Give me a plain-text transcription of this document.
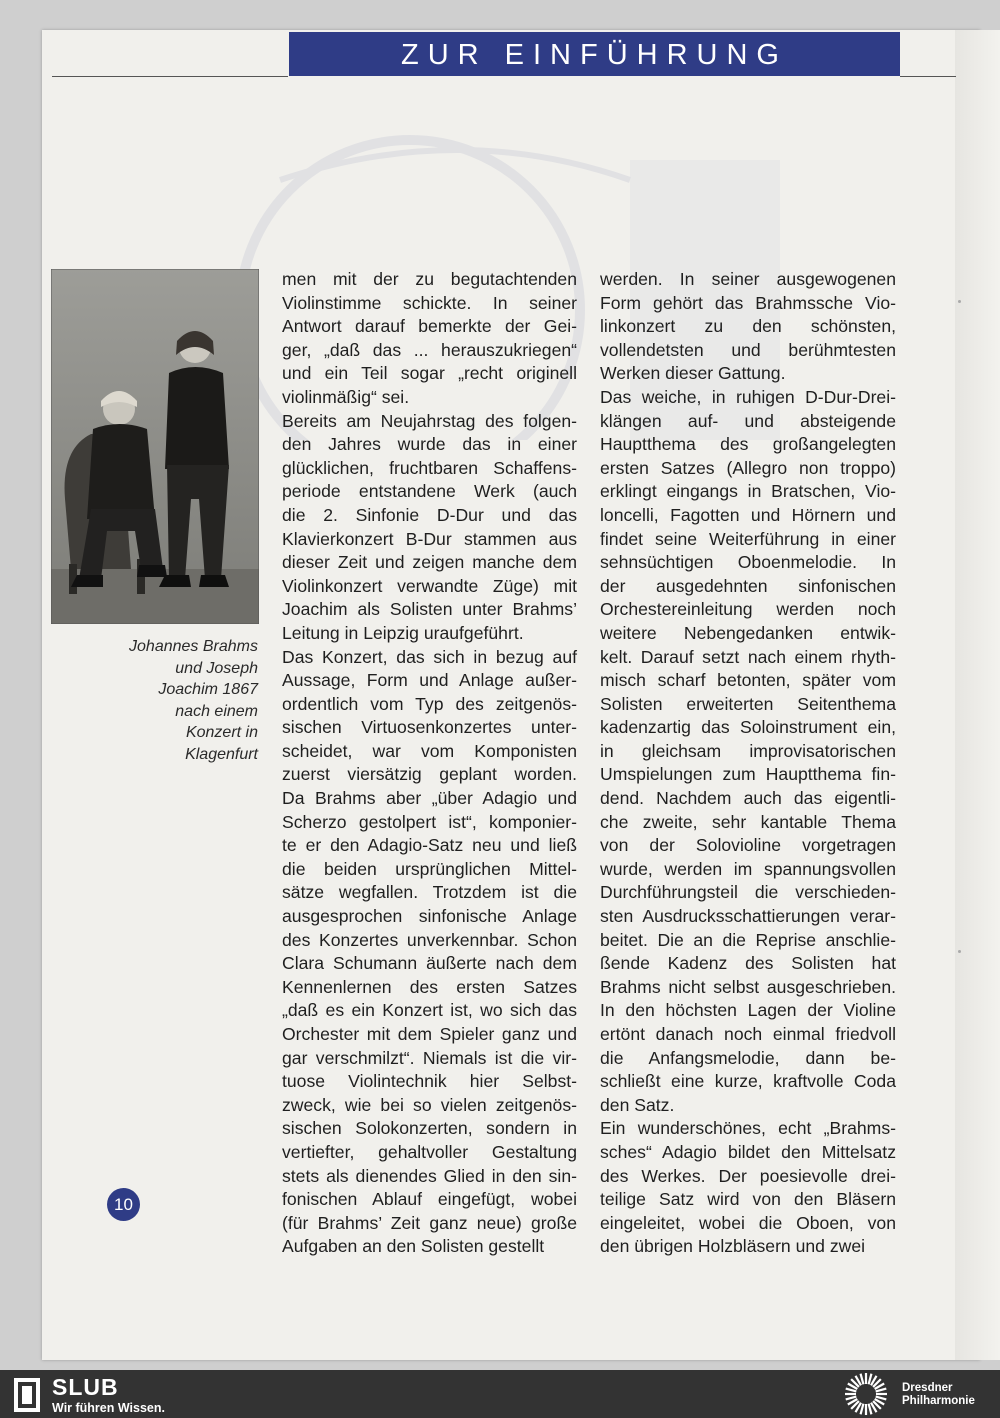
ZUR EINFÜHRUNG
Johannes Brahms
und Joseph
Joachim 1867
nach einem
Konzert in
Klagenfurt
men mit der zu begutachtenden
Violinstimme schickte. In seiner
Antwort darauf bemerkte der Gei-
ger, „daß das ... herauszukriegen“
und ein Teil sogar „recht originell
violinmäßig“ sei.
Bereits am Neujahrstag des folgen-
den Jahres wurde das in einer
glücklichen, fruchtbaren Schaffens-
periode entstandene Werk (auch
die 2. Sinfonie D-Dur und das
Klavierkonzert B-Dur stammen aus
dieser Zeit und zeigen manche dem
Violinkonzert verwandte Züge) mit
Joachim als Solisten unter Brahms’
Leitung in Leipzig uraufgeführt.
Das Konzert, das sich in bezug auf
Aussage, Form und Anlage außer-
ordentlich vom Typ des zeitgenös-
sischen Virtuosenkonzertes unter-
scheidet, war vom Komponisten
zuerst viersätzig geplant worden.
Da Brahms aber „über Adagio und
Scherzo gestolpert ist“, komponier-
te er den Adagio-Satz neu und ließ
die beiden ursprünglichen Mittel-
sätze wegfallen. Trotzdem ist die
ausgesprochen sinfonische Anlage
des Konzertes unverkennbar. Schon
Clara Schumann äußerte nach dem
Kennenlernen des ersten Satzes
„daß es ein Konzert ist, wo sich das
Orchester mit dem Spieler ganz und
gar verschmilzt“. Niemals ist die vir-
tuose Violintechnik hier Selbst-
zweck, wie bei so vielen zeitgenös-
sischen Solokonzerten, sondern in
vertiefter, gehaltvoller Gestaltung
stets als dienendes Glied in den sin-
fonischen Ablauf eingefügt, wobei
(für Brahms’ Zeit ganz neue) große
Aufgaben an den Solisten gestellt
werden. In seiner ausgewogenen
Form gehört das Brahmssche Vio-
linkonzert zu den schönsten,
vollendetsten und berühmtesten
Werken dieser Gattung.
Das weiche, in ruhigen D-Dur-Drei-
klängen auf- und absteigende
Hauptthema des großangelegten
ersten Satzes (Allegro non troppo)
erklingt eingangs in Bratschen, Vio-
loncelli, Fagotten und Hörnern und
findet seine Weiterführung in einer
sehnsüchtigen Oboenmelodie. In
der ausgedehnten sinfonischen
Orchestereinleitung werden noch
weitere Nebengedanken entwik-
kelt. Darauf setzt nach einem rhyth-
misch scharf betonten, später vom
Solisten erweiterten Seitenthema
kadenzartig das Soloinstrument ein,
in gleichsam improvisatorischen
Umspielungen zum Hauptthema fin-
dend. Nachdem auch das eigentli-
che zweite, sehr kantable Thema
von der Solovioline vorgetragen
wurde, werden im spannungsvollen
Durchführungsteil die verschieden-
sten Ausdrucksschattierungen verar-
beitet. Die an die Reprise anschlie-
ßende Kadenz des Solisten hat
Brahms nicht selbst ausgeschrieben.
In den höchsten Lagen der Violine
ertönt danach noch einmal friedvoll
die Anfangsmelodie, dann be-
schließt eine kurze, kraftvolle Coda
den Satz.
Ein wunderschönes, echt „Brahms-
sches“ Adagio bildet den Mittelsatz
des Werkes. Der poesievolle drei-
teilige Satz wird von den Bläsern
eingeleitet, wobei die Oboen, von
den übrigen Holzbläsern und zwei
10
SLUB
Wir führen Wissen.
Dresdner
Philharmonie
